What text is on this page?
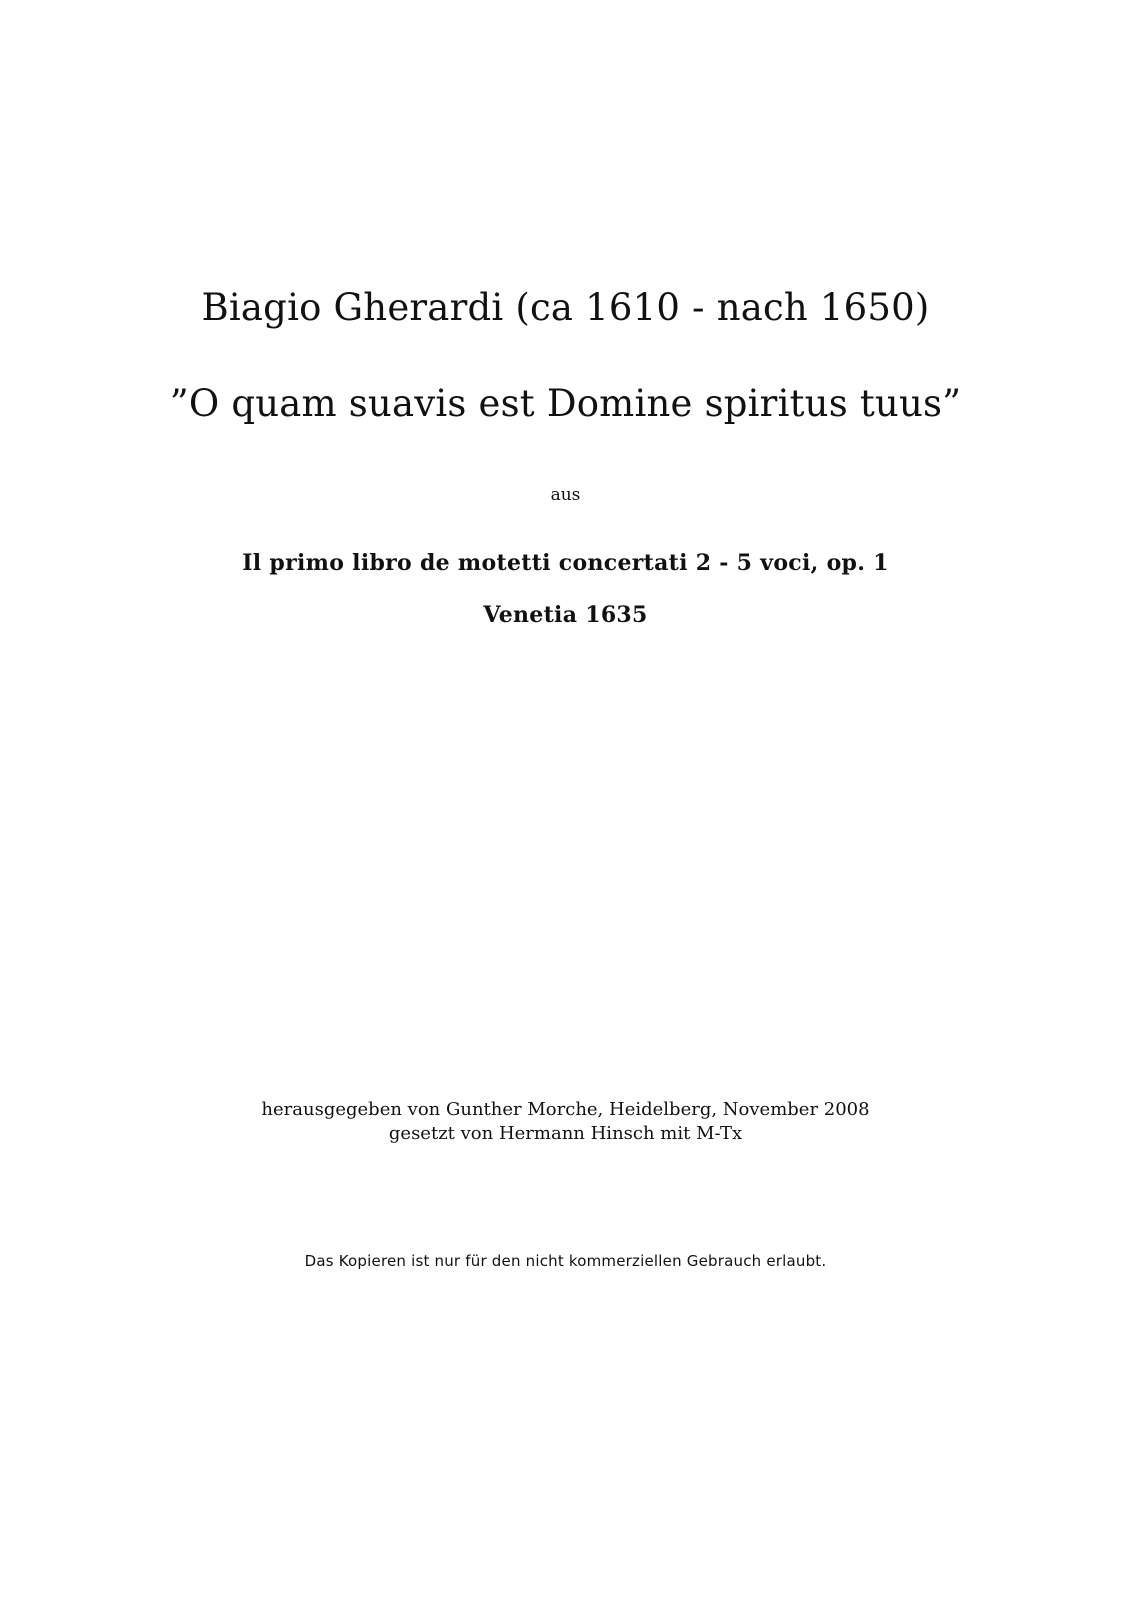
Biagio Gherardi (ca 1610 - nach 1650)
”O quam suavis est Domine spiritus tuus”
aus
Il primo libro de motetti concertati 2 - 5 voci, op. 1
Venetia 1635
herausgegeben von Gunther Morche, Heidelberg, November 2008
gesetzt von Hermann Hinsch mit M-Tx
Das Kopieren ist nur für den nicht kommerziellen Gebrauch erlaubt.
